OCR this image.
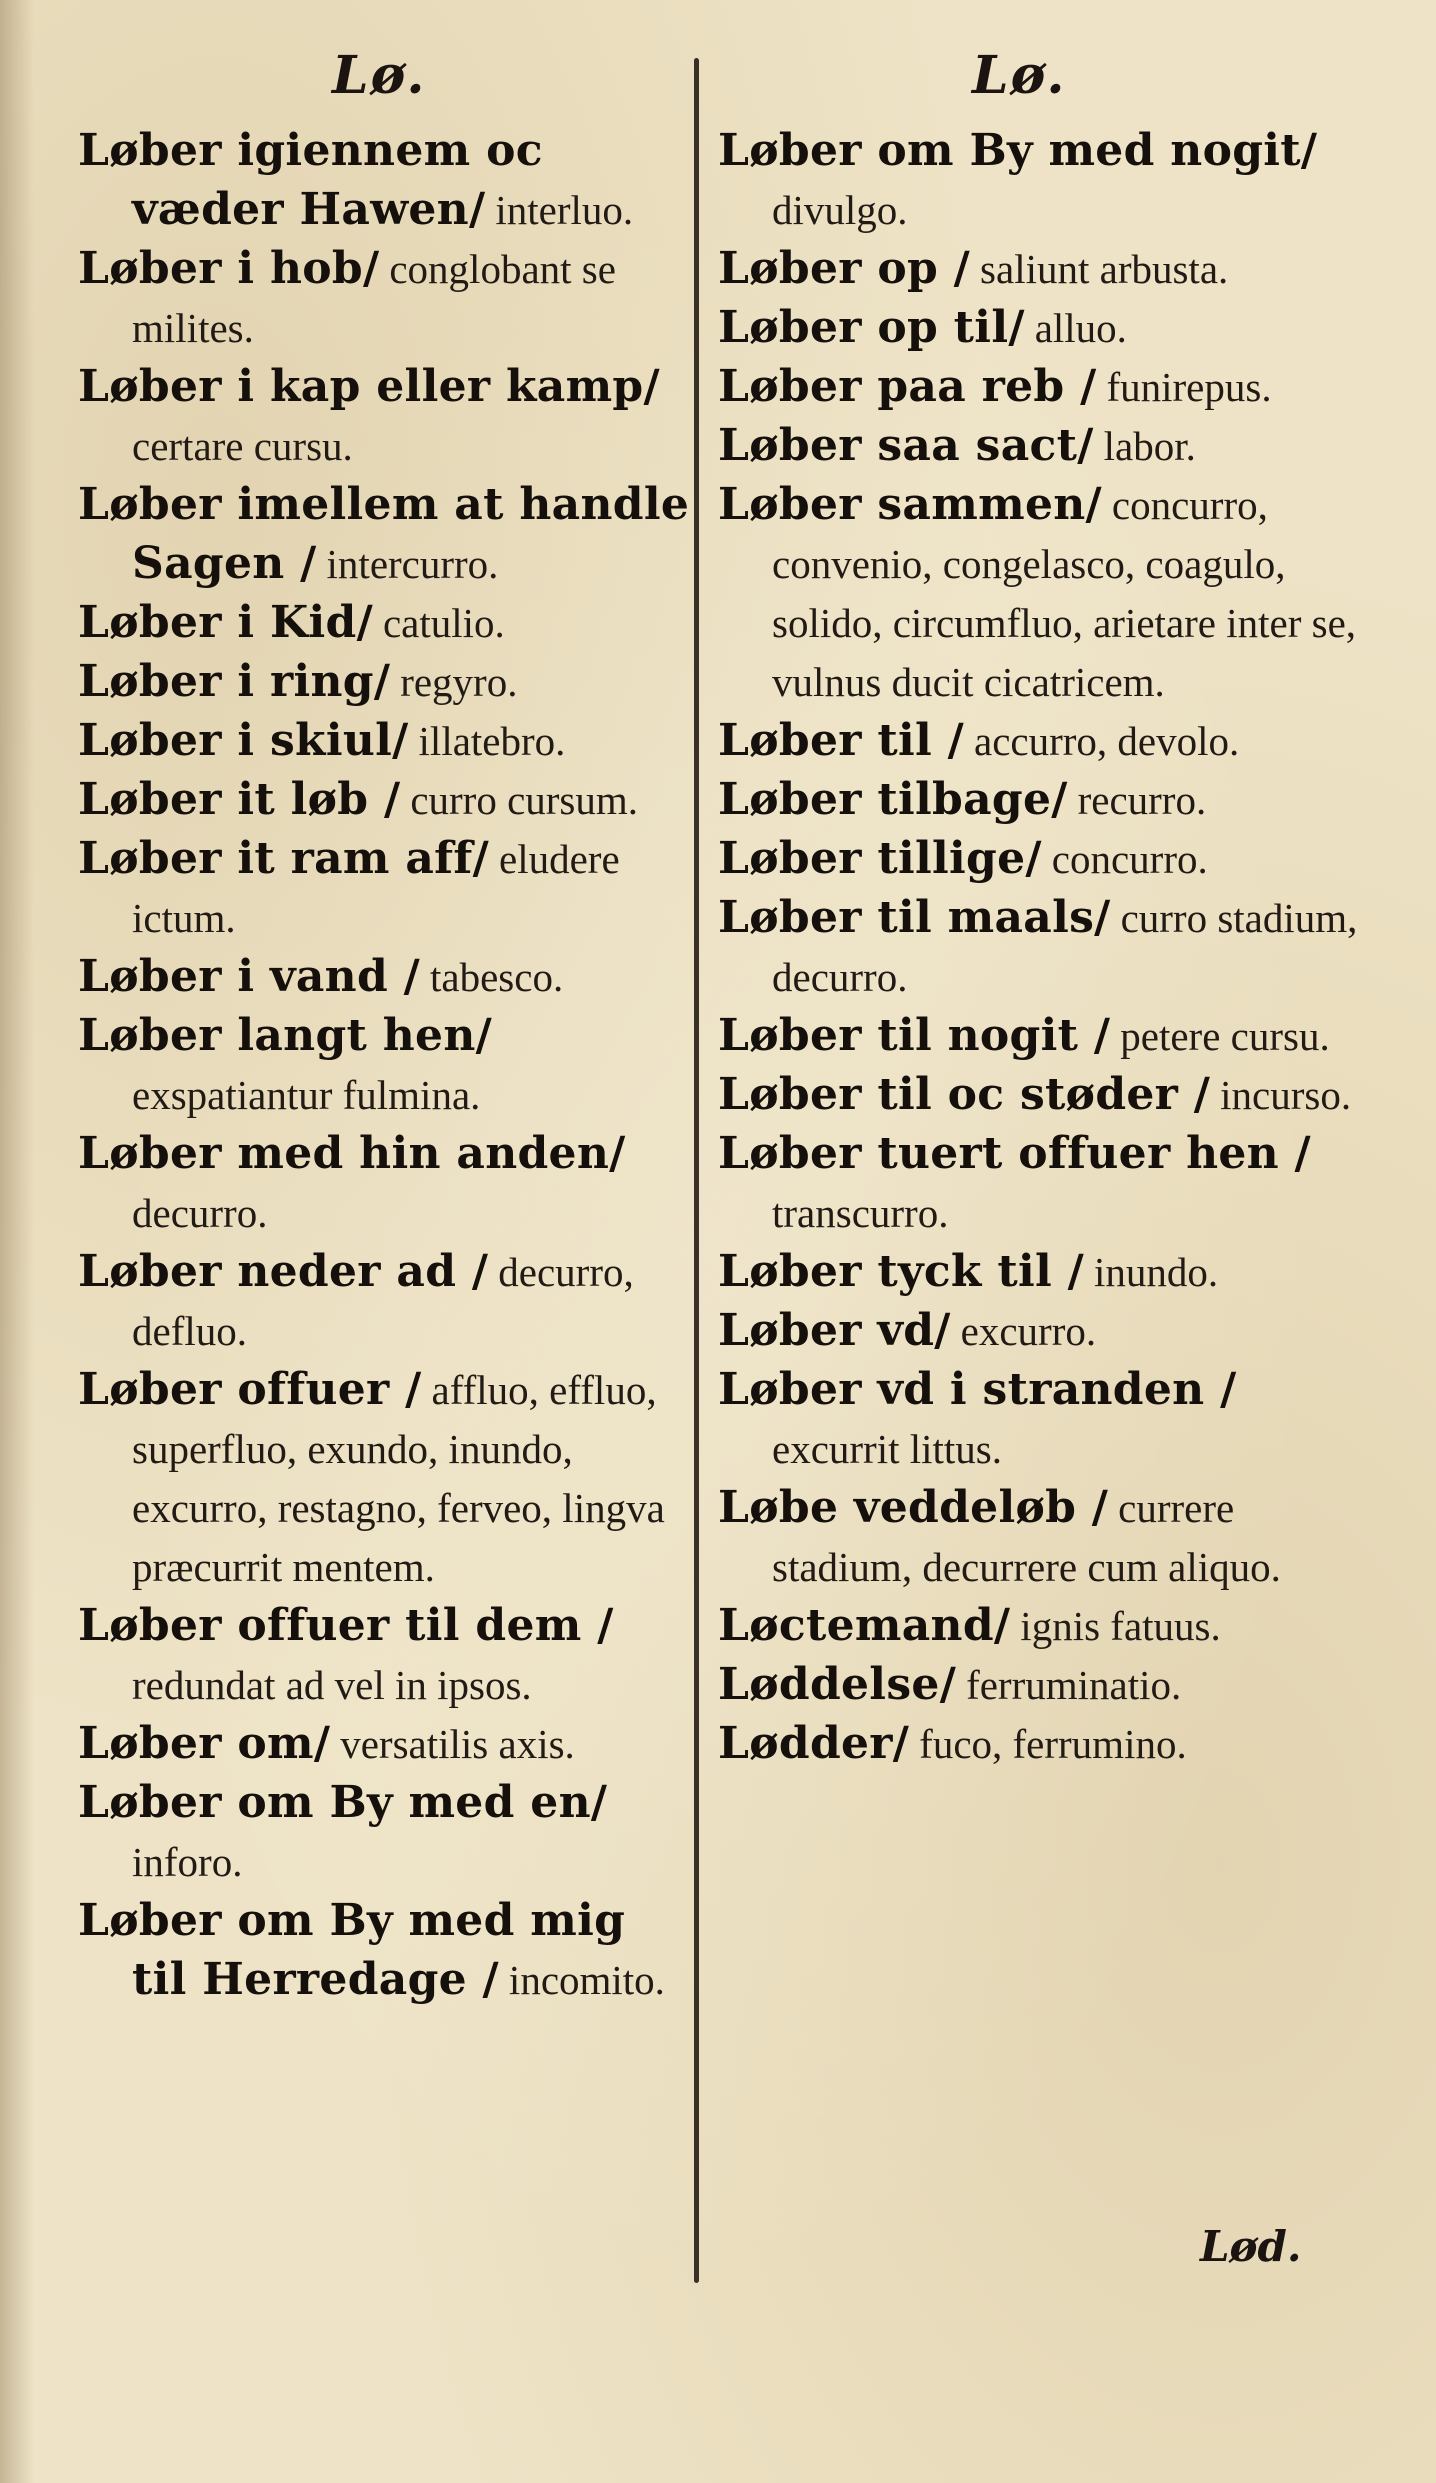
Lø.	Lø.
Løber igiennem oc væder Hawen/ interluo.
Løber i hob/ conglobant se milites.
Løber i kap eller kamp/ certare cursu.
Løber imellem at handle Sagen / intercurro.
Løber i Kid/ catulio.
Løber i ring/ regyro.
Løber i skiul/ illatebro.
Løber it løb / curro cursum.
Løber it ram aff/ eludere ictum.
Løber i vand / tabesco.
Løber langt hen/ exspatiantur fulmina.
Løber med hin anden/ decurro.
Løber neder ad / decurro, defluo.
Løber offuer / affluo, effluo, superfluo, exundo, inundo, excurro, restagno, ferveo, lingva præcurrit mentem.
Løber offuer til dem / redundat ad vel in ipsos.
Løber om/ versatilis axis.
Løber om By med en/ inforo.
Løber om By med mig til Herredage / incomito.
Løber om By med nogit/ divulgo.
Løber op / saliunt arbusta.
Løber op til/ alluo.
Løber paa reb / funirepus.
Løber saa sact/ labor.
Løber sammen/ concurro, convenio, congelasco, coagulo, solido, circumfluo, arietare inter se, vulnus ducit cicatricem.
Løber til / accurro, devolo.
Løber tilbage/ recurro.
Løber tillige/ concurro.
Løber til maals/ curro stadium, decurro.
Løber til nogit / petere cursu.
Løber til oc støder / incurso.
Løber tuert offuer hen / transcurro.
Løber tyck til / inundo.
Løber vd/ excurro.
Løber vd i stranden / excurrit littus.
Løbe veddeløb / currere stadium, decurrere cum aliquo.
Løctemand/ ignis fatuus.
Løddelse/ ferruminatio.
Lødder/ fuco, ferrumino.
Lød.
